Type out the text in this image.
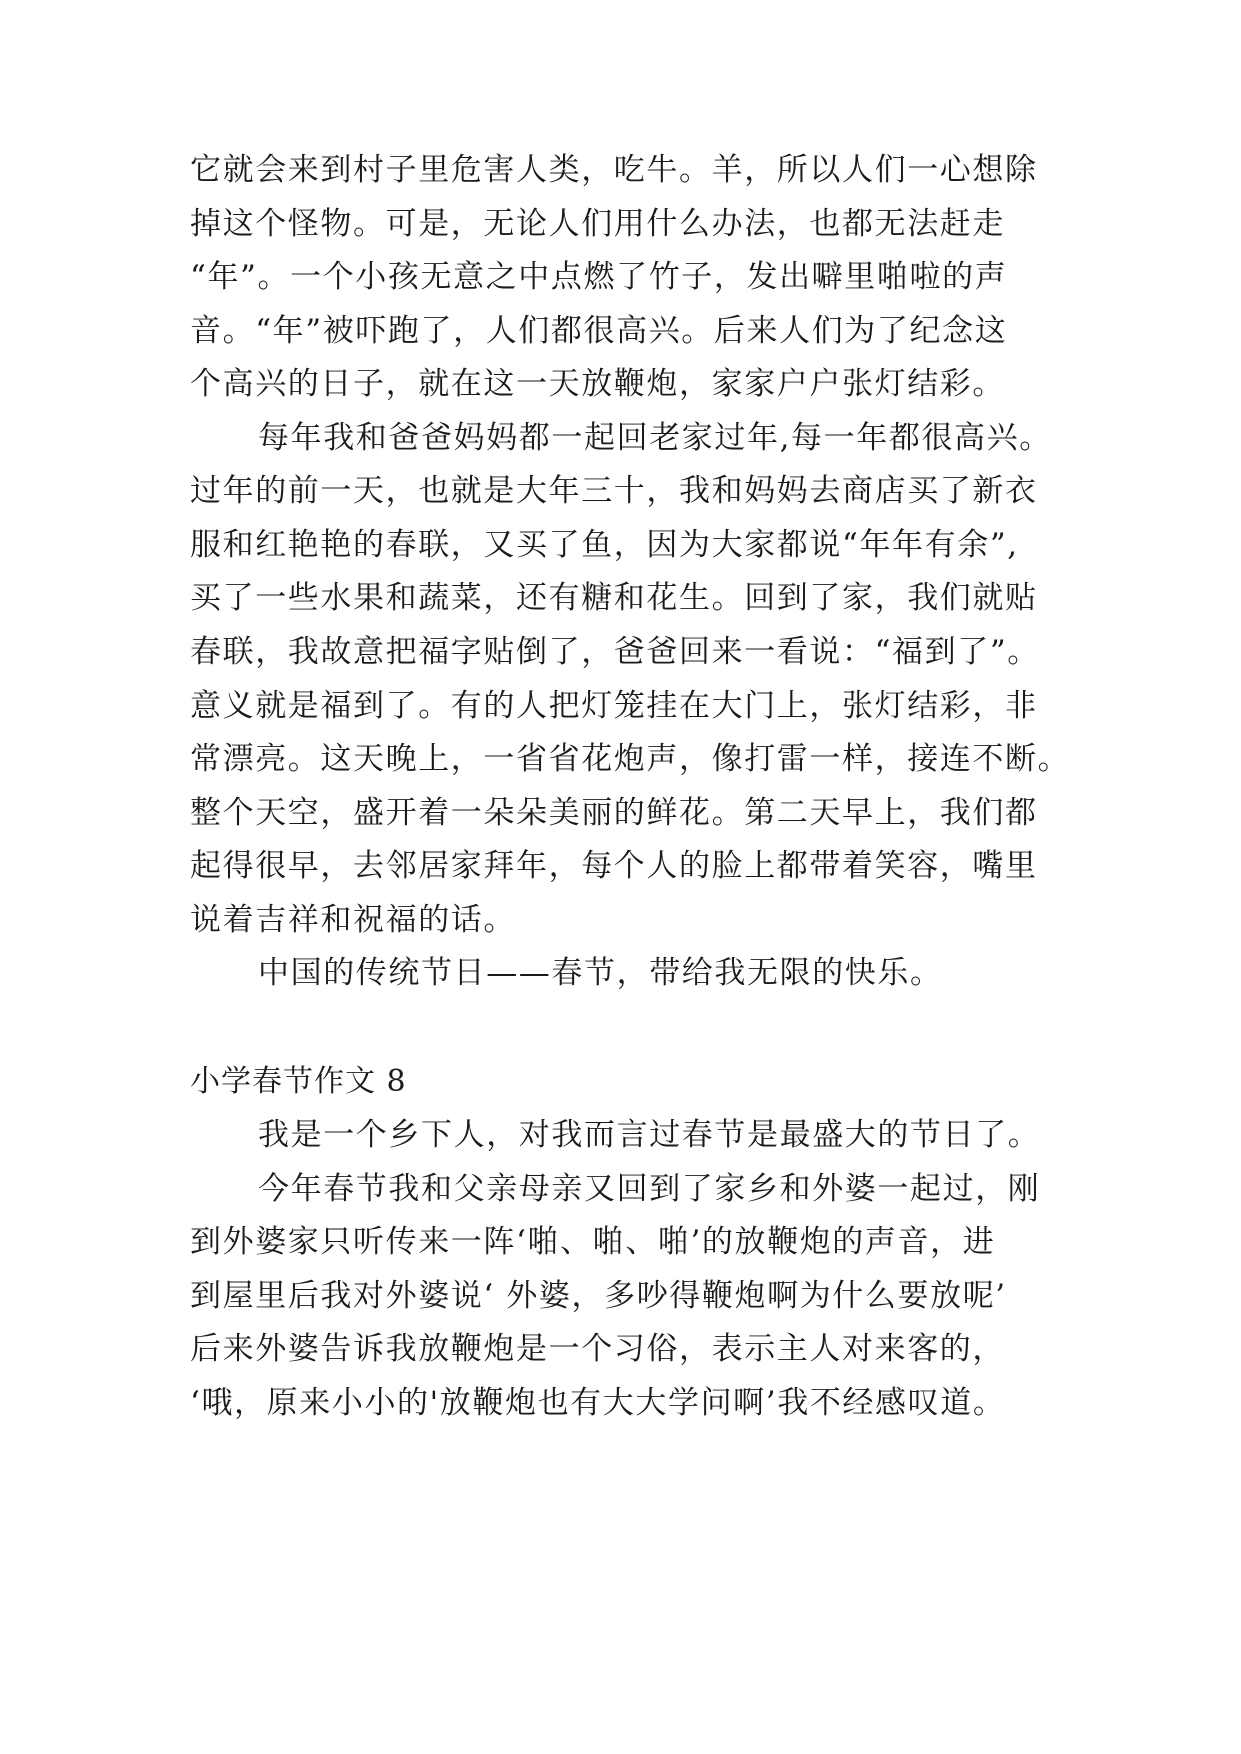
它就会来到村子里危害人类，吃牛。羊，所以人们一心想除
掉这个怪物。可是，无论人们用什么办法，也都无法赶走
“年”。一个小孩无意之中点燃了竹子，发出噼里啪啦的声
音。“年”被吓跑了，人们都很高兴。后来人们为了纪念这
个高兴的日子，就在这一天放鞭炮，家家户户张灯结彩。
每年我和爸爸妈妈都一起回老家过年,每一年都很高兴。
过年的前一天，也就是大年三十，我和妈妈去商店买了新衣
服和红艳艳的春联，又买了鱼，因为大家都说“年年有余”,
买了一些水果和蔬菜，还有糖和花生。回到了家，我们就贴
春联，我故意把福字贴倒了，爸爸回来一看说：“福到了”。
意义就是福到了。有的人把灯笼挂在大门上，张灯结彩，非
常漂亮。这天晚上，一省省花炮声，像打雷一样，接连不断。
整个天空，盛开着一朵朵美丽的鲜花。第二天早上，我们都
起得很早，去邻居家拜年，每个人的脸上都带着笑容，嘴里
说着吉祥和祝福的话。
中国的传统节日——春节，带给我无限的快乐。
小学春节作文 8
我是一个乡下人，对我而言过春节是最盛大的节日了。
今年春节我和父亲母亲又回到了家乡和外婆一起过，刚
到外婆家只听传来一阵‘啪、啪、啪’的放鞭炮的声音，进
到屋里后我对外婆说‘ 外婆，多吵得鞭炮啊为什么要放呢’
后来外婆告诉我放鞭炮是一个习俗，表示主人对来客的，
‘哦，原来小小的'放鞭炮也有大大学问啊’我不经感叹道。
